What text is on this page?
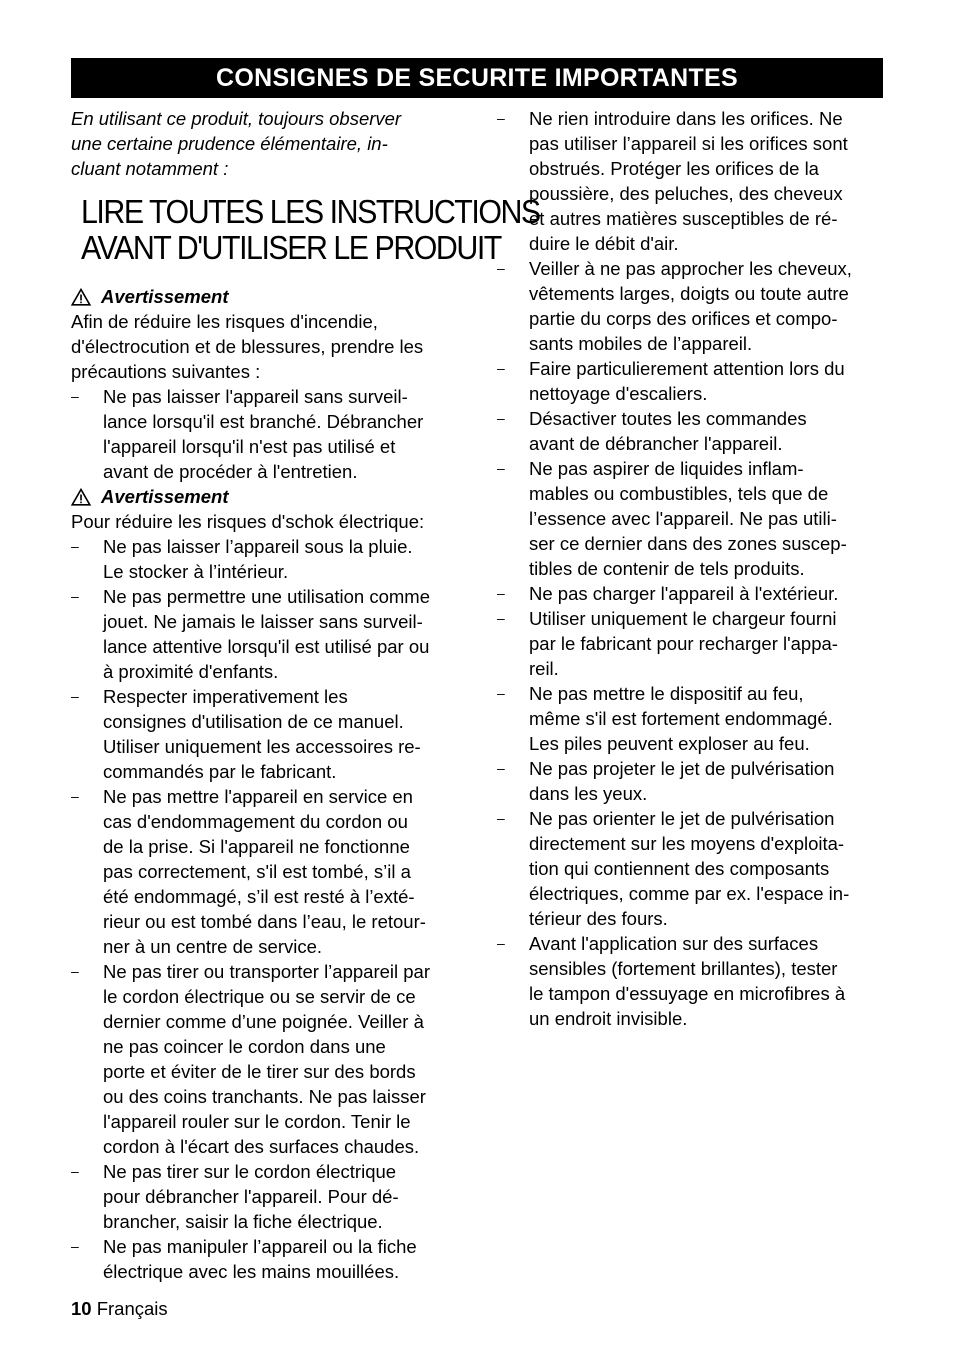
CONSIGNES DE SECURITE IMPORTANTES

En utilisant ce produit, toujours observer
une certaine prudence élémentaire, in-
cluant notamment :

LIRE TOUTES LES INSTRUCTIONS
AVANT D'UTILISER LE PRODUIT
Avertissement

Afin de réduire les risques d'incendie,
d'électrocution et de blessures, prendre les
précautions suivantes :

– Ne pas laisser l'appareil sans surveil-
lance lorsqu'il est branché. Débrancher
l'appareil lorsqu'il n'est pas utilisé et
avant de procéder à l'entretien.
Avertissement

Pour réduire les risques d'schok électrique:

– Ne pas laisser l’appareil sous la pluie.
Le stocker à l’intérieur.
– Ne pas permettre une utilisation comme
jouet. Ne jamais le laisser sans surveil-
lance attentive lorsqu'il est utilisé par ou
à proximité d'enfants.
– Respecter imperativement les
consignes d'utilisation de ce manuel.
Utiliser uniquement les accessoires re-
commandés par le fabricant.
– Ne pas mettre l'appareil en service en
cas d'endommagement du cordon ou
de la prise. Si l'appareil ne fonctionne
pas correctement, s'il est tombé, s’il a
été endommagé, s’il est resté à l’exté-
rieur ou est tombé dans l’eau, le retour-
ner à un centre de service.
– Ne pas tirer ou transporter l’appareil par
le cordon électrique ou se servir de ce
dernier comme d’une poignée. Veiller à
ne pas coincer le cordon dans une
porte et éviter de le tirer sur des bords
ou des coins tranchants. Ne pas laisser
l'appareil rouler sur le cordon. Tenir le
cordon à l'écart des surfaces chaudes.
– Ne pas tirer sur le cordon électrique
pour débrancher l'appareil. Pour dé-
brancher, saisir la fiche électrique.
– Ne pas manipuler l’appareil ou la fiche
électrique avec les mains mouillées.
– Ne rien introduire dans les orifices. Ne
pas utiliser l’appareil si les orifices sont
obstrués. Protéger les orifices de la
poussière, des peluches, des cheveux
et autres matières susceptibles de ré-
duire le débit d'air.
– Veiller à ne pas approcher les cheveux,
vêtements larges, doigts ou toute autre
partie du corps des orifices et compo-
sants mobiles de l’appareil.
– Faire particulierement attention lors du
nettoyage d'escaliers.
– Désactiver toutes les commandes
avant de débrancher l'appareil.
– Ne pas aspirer de liquides inflam-
mables ou combustibles, tels que de
l’essence avec l'appareil. Ne pas utili-
ser ce dernier dans des zones suscep-
tibles de contenir de tels produits.
– Ne pas charger l'appareil à l'extérieur.
– Utiliser uniquement le chargeur fourni
par le fabricant pour recharger l'appa-
reil.
– Ne pas mettre le dispositif au feu,
même s'il est fortement endommagé.
Les piles peuvent exploser au feu.
– Ne pas projeter le jet de pulvérisation
dans les yeux.
– Ne pas orienter le jet de pulvérisation
directement sur les moyens d'exploita-
tion qui contiennent des composants
électriques, comme par ex. l'espace in-
térieur des fours.
– Avant l'application sur des surfaces
sensibles (fortement brillantes), tester
le tampon d'essuyage en microfibres à
un endroit invisible.
10 Français
